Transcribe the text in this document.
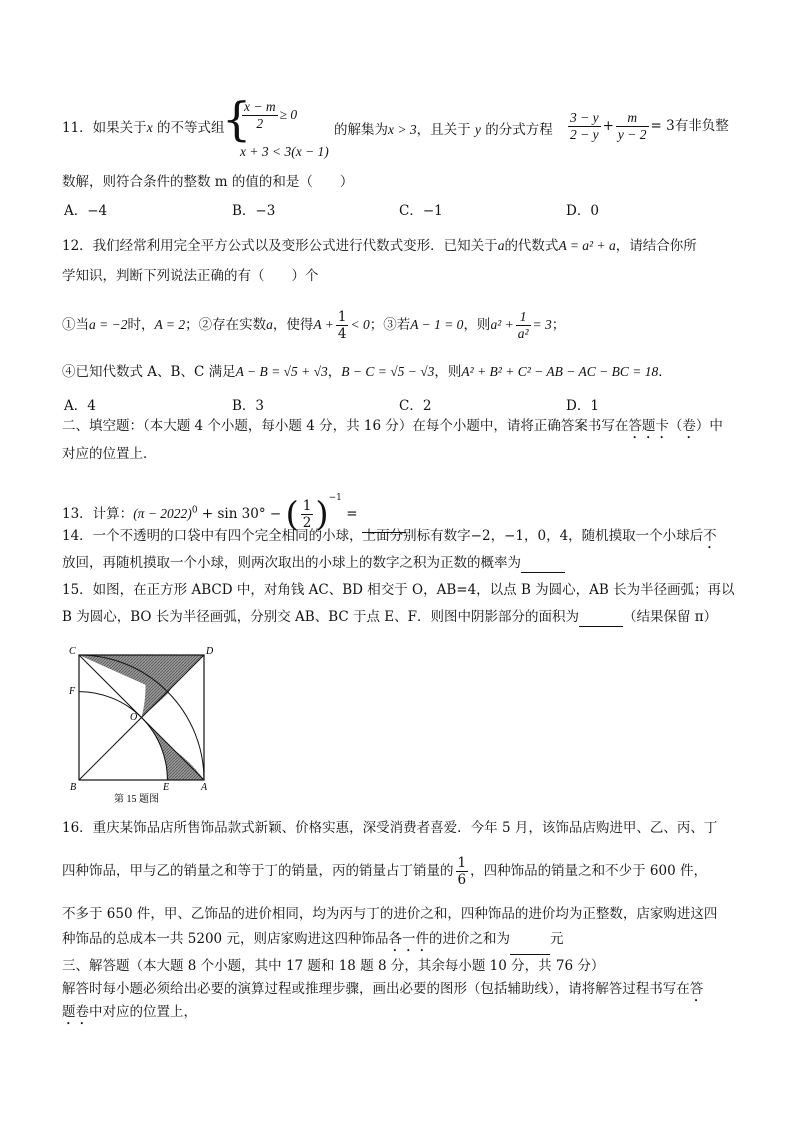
11．如果关于x 的不等式组
{
$\frac{x - m}{2} \ge 0$
x + 3 < 3(x − 1)
的解集为x > 3，且关于 y 的分式方程 $\frac{3 - y}{2 - y} + \frac{m}{y - 2} = 3$有非负整
数解，则符合条件的整数 m 的值的和是（　　）
A．−4	B．−3	C．−1	D．0
12．我们经常利用完全平方公式以及变形公式进行代数式变形．已知关于a的代数式A = a² + a，请结合你所
学知识，判断下列说法正确的有（　　）个
①当a = −2时，A = 2；②存在实数a，使得$A + \frac{1}{4} < 0$；③若A − 1 = 0，则$a^2 + \frac{1}{\text{a²}} = 3$；
④已知代数式 A、B、C 满足A − B = √5 + √3，B − C = √5 − √3，则A² + B² + C² − AB − AC − BC = 18．
A．4	B．3	C．2	D．1
二、填空题：（本大题 4 个小题，每小题 4 分，共 16 分）在每个小题中，请将正确答案书写在答题卡（卷）中
对应的位置上．
13．计算：$(\pi - 2022)^0 + \sin 30^\circ$ − ( $\frac{1}{2} )^{-1}$ =
14．一个不透明的口袋中有四个完全相同的小球，上面分别标有数字−2，−1，0，4，随机摸取一个小球后不
放回，再随机摸取一个小球，则两次取出的小球上的数字之积为正数的概率为
15．如图，在正方形 ABCD 中，对角钱 AC、BD 相交于 O，AB=4，以点 B 为圆心，AB 长为半径画弧；再以
B 为圆心，BO 长为半径画弧，分别交 AB、BC 于点 E、F．则图中阴影部分的面积为	（结果保留 π）
C	D
F
O
B	E	A
第 15 题图
16．重庆某饰品店所售饰品款式新颖、价格实惠，深受消费者喜爱．今年 5 月，该饰品店购进甲、乙、丙、丁
四种饰品，甲与乙的销量之和等于丁的销量，丙的销量占丁销量的 $\frac{1}{6}$ ，四种饰品的销量之和不少于 600 件，
不多于 650 件，甲、乙饰品的进价相同，均为丙与丁的进价之和，四种饰品的进价均为正整数，店家购进这四
种饰品的总成本一共 5200 元，则店家购进这四种饰品各一件的进价之和为	元
三、解答题（本大题 8 个小题，其中 17 题和 18 题 8 分，其余每小题 10 分，共 76 分）
解答时每小题必须给出必要的演算过程或推理步骤，画出必要的图形（包括辅助线），请将解答过程书写在答
题卷中对应的位置上，
